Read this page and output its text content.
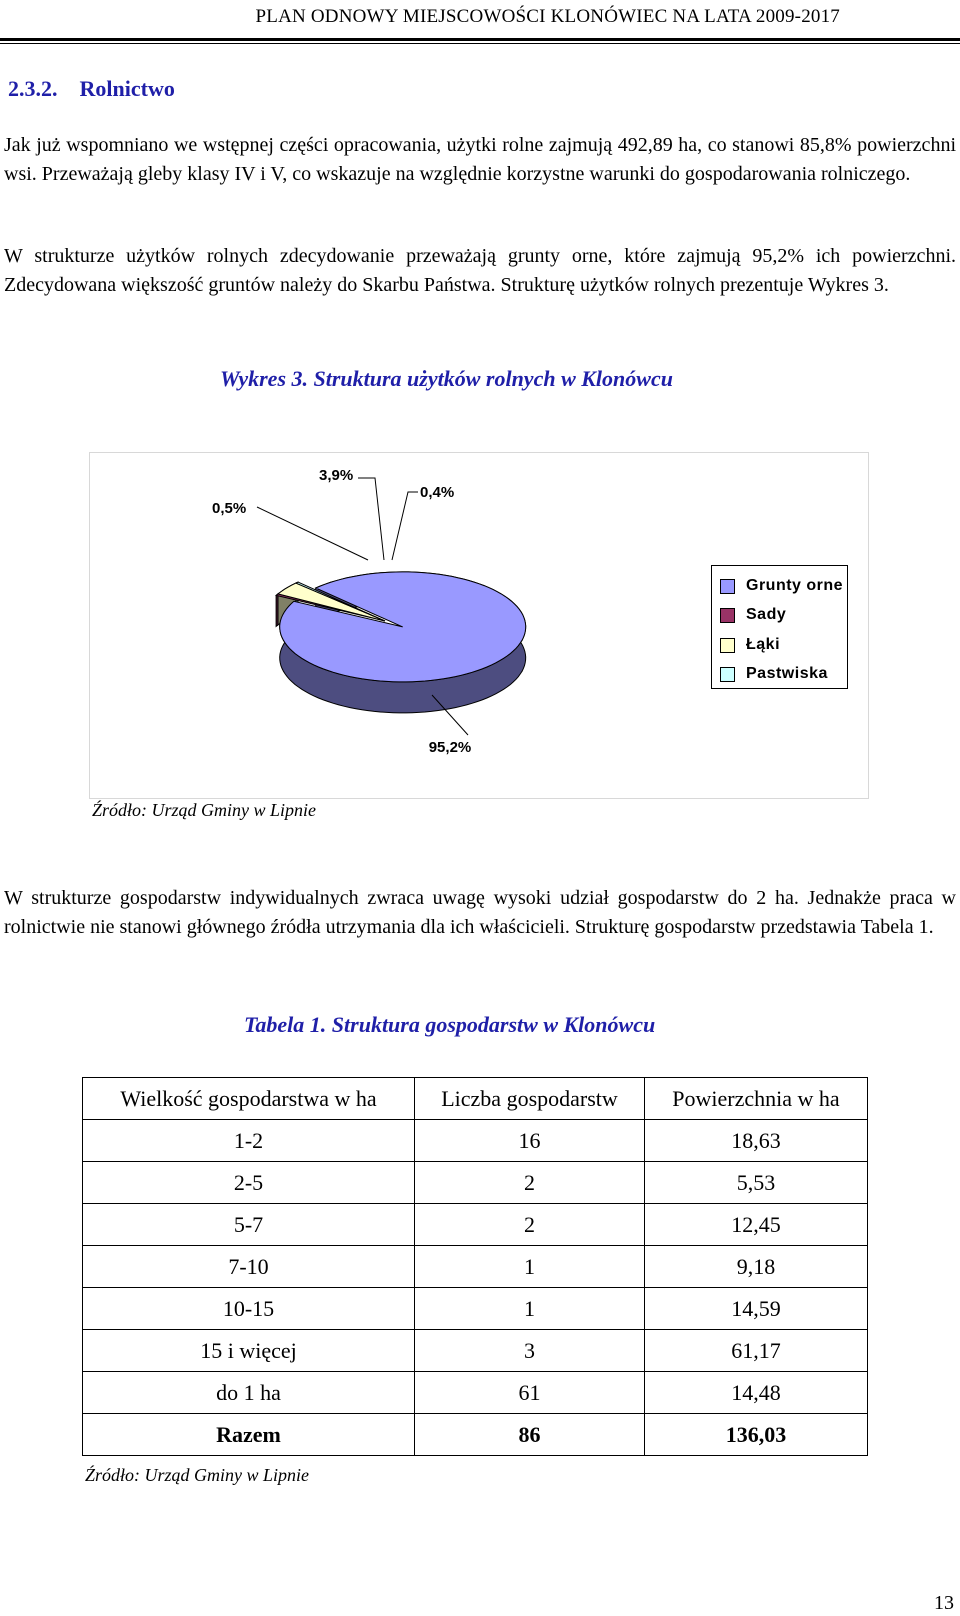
PLAN ODNOWY MIEJSCOWOŚCI KLONÓWIEC NA LATA 2009-2017
2.3.2. Rolnictwo
Jak już wspomniano we wstępnej części opracowania, użytki rolne zajmują 492,89 ha, co stanowi 85,8% powierzchni wsi. Przeważają gleby klasy IV i V, co wskazuje na względnie korzystne warunki do gospodarowania rolniczego.
W strukturze użytków rolnych zdecydowanie przeważają grunty orne, które zajmują 95,2% ich powierzchni. Zdecydowana większość gruntów należy do Skarbu Państwa. Strukturę użytków rolnych prezentuje Wykres 3.
Wykres 3. Struktura użytków rolnych w Klonówcu
95,2%
0,5%
3,9%
0,4%
Grunty orne
Sady
Łąki
Pastwiska
Źródło: Urząd Gminy w Lipnie
W strukturze gospodarstw indywidualnych zwraca uwagę wysoki udział gospodarstw do 2 ha. Jednakże praca w rolnictwie nie stanowi głównego źródła utrzymania dla ich właścicieli. Strukturę gospodarstw przedstawia Tabela 1.
Tabela 1. Struktura gospodarstw w Klonówcu
Wielkość gospodarstwa w ha	Liczba gospodarstw	Powierzchnia w ha
1-2	16	18,63
2-5	2	5,53
5-7	2	12,45
7-10	1	9,18
10-15	1	14,59
15 i więcej	3	61,17
do 1 ha	61	14,48
Razem	86	136,03
Źródło: Urząd Gminy w Lipnie
13
